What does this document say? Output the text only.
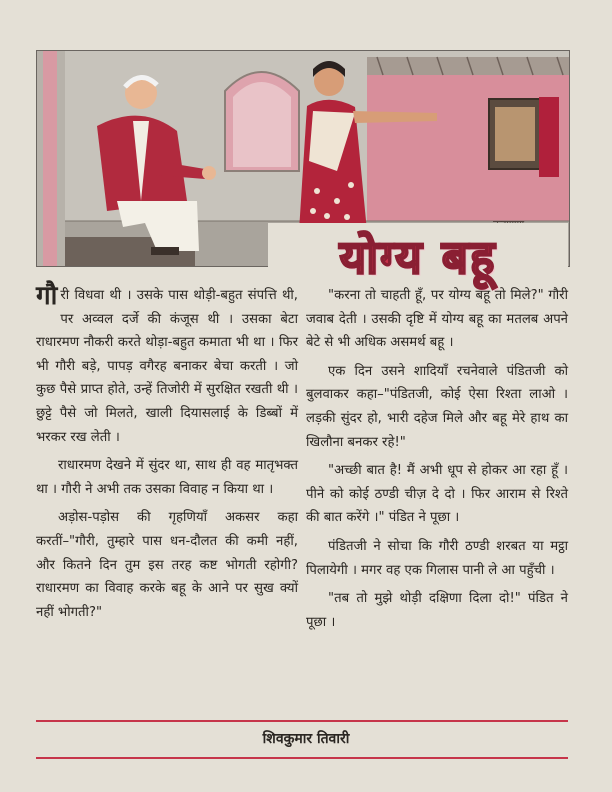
योग्य बहू

गौरी विधवा थी । उसके पास थोड़ी-बहुत संपत्ति थी, पर अव्वल दर्जे की कंजूस थी । उसका बेटा राधारमण नौकरी करते थोड़ा-बहुत कमाता भी था । फिर भी गौरी बड़े, पापड़ वगैरह बनाकर बेचा करती । जो कुछ पैसे प्राप्त होते, उन्हें तिजोरी में सुरक्षित रखती थी । छुट्टे पैसे जो मिलते, खाली दियासलाई के डिब्बों में भरकर रख लेती ।

राधारमण देखने में सुंदर था, साथ ही वह मातृभक्त था । गौरी ने अभी तक उसका विवाह न किया था ।

अड़ोस-पड़ोस की गृहणियाँ अकसर कहा करतीं–"गौरी, तुम्हारे पास धन-दौलत की कमी नहीं, और कितने दिन तुम इस तरह कष्ट भोगती रहोगी? राधारमण का विवाह करके बहू के आने पर सुख क्यों नहीं भोगती?"

"करना तो चाहती हूँ, पर योग्य बहू तो मिले?" गौरी जवाब देती । उसकी दृष्टि में योग्य बहू का मतलब अपने बेटे से भी अधिक असमर्थ बहू ।

एक दिन उसने शादियाँ रचनेवाले पंडितजी को बुलवाकर कहा–"पंडितजी, कोई ऐसा रिश्ता लाओ । लड़की सुंदर हो, भारी दहेज मिले और बहू मेरे हाथ का खिलौना बनकर रहे!"

"अच्छी बात है! मैं अभी धूप से होकर आ रहा हूँ । पीने को कोई ठण्डी चीज़ दे दो । फिर आराम से रिश्ते की बात करेंगे ।" पंडित ने पूछा ।

पंडितजी ने सोचा कि गौरी ठण्डी शरबत या मट्ठा पिलायेगी । मगर वह एक गिलास पानी ले आ पहुँची ।

"तब तो मुझे थोड़ी दक्षिणा दिला दो!" पंडित ने पूछा ।

शिवकुमार तिवारी
